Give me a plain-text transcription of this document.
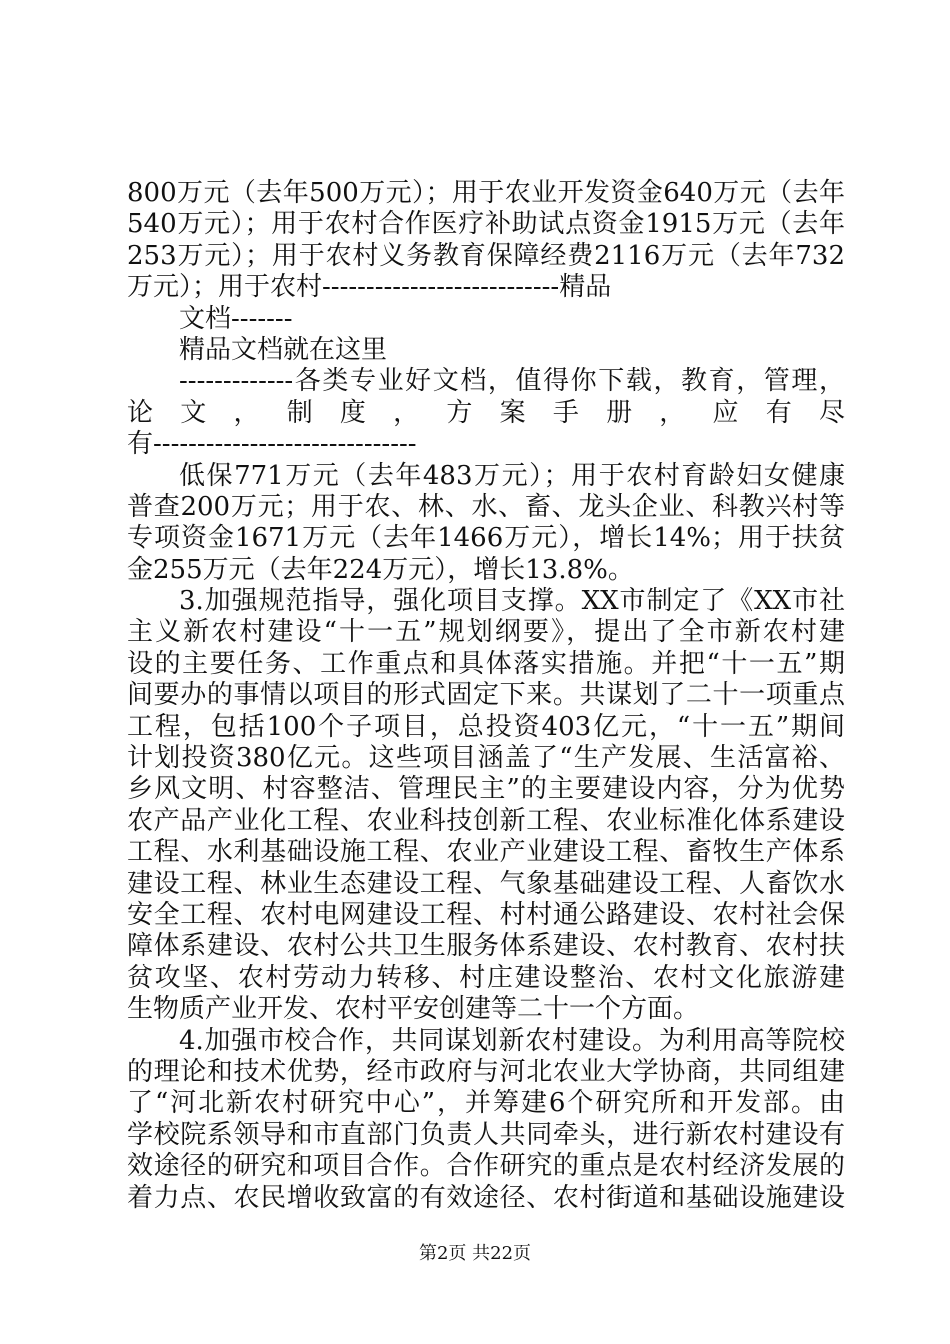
800万元（去年500万元）；用于农业开发资金640万元（去年
540万元）；用于农村合作医疗补助试点资金1915万元（去年
253万元）；用于农村义务教育保障经费2116万元（去年732
万元）；用于农村---------------------------精品
文档-------
精品文档就在这里
-------------各类专业好文档，值得你下载，教育，管理，
论 文 ， 制 度 ， 方 案 手 册 ， 应 有 尽
有------------------------------
低保771万元（去年483万元）；用于农村育龄妇女健康
普查200万元；用于农、林、水、畜、龙头企业、科教兴村等
专项资金1671万元（去年1466万元），增长14%；用于扶贫
金255万元（去年224万元），增长13.8%。
3.加强规范指导，强化项目支撑。XX市制定了《XX市社
主义新农村建设“十一五”规划纲要》，提出了全市新农村建
设的主要任务、工作重点和具体落实措施。并把“十一五”期
间要办的事情以项目的形式固定下来。共谋划了二十一项重点
工程，包括100个子项目，总投资403亿元，“十一五”期间
计划投资380亿元。这些项目涵盖了“生产发展、生活富裕、
乡风文明、村容整洁、管理民主”的主要建设内容，分为优势
农产品产业化工程、农业科技创新工程、农业标准化体系建设
工程、水利基础设施工程、农业产业建设工程、畜牧生产体系
建设工程、林业生态建设工程、气象基础建设工程、人畜饮水
安全工程、农村电网建设工程、村村通公路建设、农村社会保
障体系建设、农村公共卫生服务体系建设、农村教育、农村扶
贫攻坚、农村劳动力转移、村庄建设整治、农村文化旅游建
生物质产业开发、农村平安创建等二十一个方面。
4.加强市校合作，共同谋划新农村建设。为利用高等院校
的理论和技术优势，经市政府与河北农业大学协商，共同组建
了“河北新农村研究中心”，并筹建6个研究所和开发部。由
学校院系领导和市直部门负责人共同牵头，进行新农村建设有
效途径的研究和项目合作。合作研究的重点是农村经济发展的
着力点、农民增收致富的有效途径、农村街道和基础设施建设
第2页 共22页
